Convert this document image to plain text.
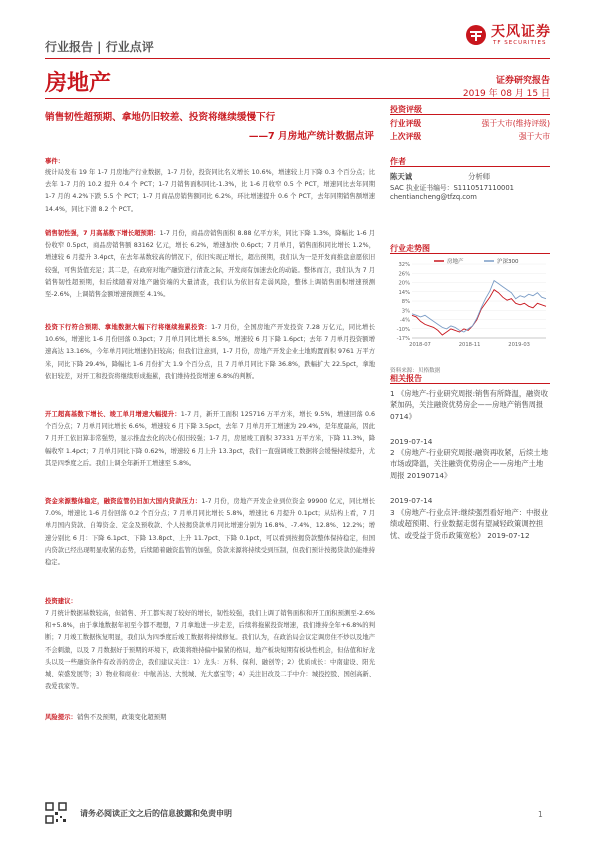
行业报告 | 行业点评
天风证券
TF SECURITIES
房地产	证券研究报告
2019 年 08 月 15 日
销售韧性超预期、拿地仍旧较差、投资将继续缓慢下行
——7 月房地产统计数据点评
事件：

统计局发布 19 年 1-7 月房地产行业数据，1-7 月份，投资同比名义增长 10.6%，增速较上月下降 0.3 个百分点；比去年 1-7 月的 10.2 提升 0.4 个 PCT；1-7 月销售面积同比-1.3%，比 1-6 月收窄 0.5 个 PCT，增速同比去年同期 1-7 月的 4.2%下跌 5.5 个 PCT；1-7 月商品房销售额同比 6.2%，环比增速提升 0.6 个 PCT，去年同期销售额增速 14.4%，同比下滑 8.2 个 PCT。

销售韧性强，7 月高基数下增长超预期：1-7 月份，商品房销售面积 8.88 亿平方米，同比下降 1.3%，降幅比 1-6 月份收窄 0.5pct，商品房销售额 83162 亿元，增长 6.2%，增速加快 0.6pct；7 月单月，销售面积同比增长 1.2%，增速较 6 月提升 3.4pct，在去年基数较高的情况下，依旧实现正增长，超出预期，我们认为一是开发商推盘意愿依旧较强，可售货值充足；其二是，在政府对地产融资进行清查之际，开发商有加速去化的动能。整体而言，我们认为 7 月销售韧性超预期，但后续随着对地产融资端的大量清查，我们认为依旧有走弱风险，整体上调销售面积增速预测至-2.6%，上调销售金额增速预测至 4.1%。

投资下行符合预期、拿地数据大幅下行将继续拖累投资：1-7 月份，全国房地产开发投资 7.28 万亿元，同比增长 10.6%，增速比 1-6 月份回落 0.3pct；7 月单月同比增长 8.5%，增速较 6 月下降 1.6pct；去年 7 月单月投资额增速高达 13.16%，今年单月同比增速仍旧较高；但我们注意到，1-7 月份，房地产开发企业土地购置面积 9761 万平方米，同比下降 29.4%，降幅比 1-6 月份扩大 1.9 个百分点，且 7 月单月同比下降 36.8%，跌幅扩大 22.5pct，拿地依旧较差，对开工和投资将继续形成拖累，我们维持投资增速 6.8%的判断。

开工超高基数下增长、竣工单月增速大幅提升：1-7 月，新开工面积 125716 万平方米，增长 9.5%，增速回落 0.6 个百分点；7 月单月同比增长 6.6%，增速较 6 月下降 3.5pct，去年 7 月单月开工增速为 29.4%，是年度最高，因此 7 月开工依旧算非常强势，显示推盘去化的决心依旧较强；1-7 月，房屋竣工面积 37331 万平方米，下降 11.3%，降幅收窄 1.4pct；7 月单月同比下降 0.62%，增速较 6 月上升 13.3pct，我们一直强调竣工数据将会缓慢持续提升，尤其是四季度之后。我们上调全年新开工增速至 5.8%。

资金来源整体稳定，融资监管仍旧加大国内贷款压力：1-7 月份，房地产开发企业到位资金 99900 亿元，同比增长 7.0%，增速比 1-6 月份回落 0.2 个百分点；7 月单月同比增长 5.8%，增速比 6 月提升 0.1pct；从结构上看，7 月单月国内贷款、自筹资金、定金及预收款、个人按揭贷款单月同比增速分别为 16.8%、-7.4%、12.8%、12.2%；增速分别比 6 月：下降 6.1pct、下降 13.8pct、上升 11.7pct、下降 0.1pct，可以看到按揭贷款整体保持稳定，但国内贷款已经出现明显收紧的态势，后续随着融资监管的加强，贷款来源将持续受到压制，但我们预计按揭贷款仍能维持稳定。

投资建议：

7 月统计数据基数较高，但销售、开工都实现了较好的增长，韧性较强，我们上调了销售面积和开工面积预测至-2.6%和+5.8%，由于拿地数据年初至今都不理想，7 月拿地进一步走差，后续将拖累投资增速，我们维持全年+6.8%的判断；7 月竣工数据恢复明显，我们认为四季度后竣工数据将持续修复。我们认为，在政治局会议定调房住不炒以及地产不会刺激，以及 7 月数据好于预期的环境下，政策将维持偏中偏紧的格局，地产板块短期有板块性机会，但估值和好龙头以及一些融资条件有改善的房企，我们建议关注：1）龙头：万科、保利、融创等；2）优质成长：中南建设、阳光城、荣盛发展等；3）物业和商业：中航善达、大悦城、光大嘉宝等；4）关注旧改及二手中介：城投控股、国创高新、我爱我家等。

风险提示：销售不及预期，政策变化超预期
投资评级
行业评级	强于大市(维持评级)
上次评级	强于大市
作者
陈天诚	分析师
SAC 执业证书编号：S1110517110001
chentiancheng@tfzq.com
行业走势图
32%
26%
20%
14%
8%
3%
-4%
-10%
-17%
2018-07	2018-11	2019-03
房地产	沪深300
资料来源：贝格数据
相关报告

1 《房地产-行业研究周报:销售有所降温，融资收紧加码，关注融资优势房企——房地产销售周报 0714》

2019-07-14

2 《房地产-行业研究周报:融资再收紧，后续土地市场或降温，关注融资优势房企——房地产土地周报 20190714》

2019-07-14

3 《房地产-行业点评:继续强烈看好地产：中报业绩或超预期、行业数据走弱有望减轻政策调控担忧、或受益于货币政策宽松》 2019-07-12

请务必阅读正文之后的信息披露和免责申明	1
